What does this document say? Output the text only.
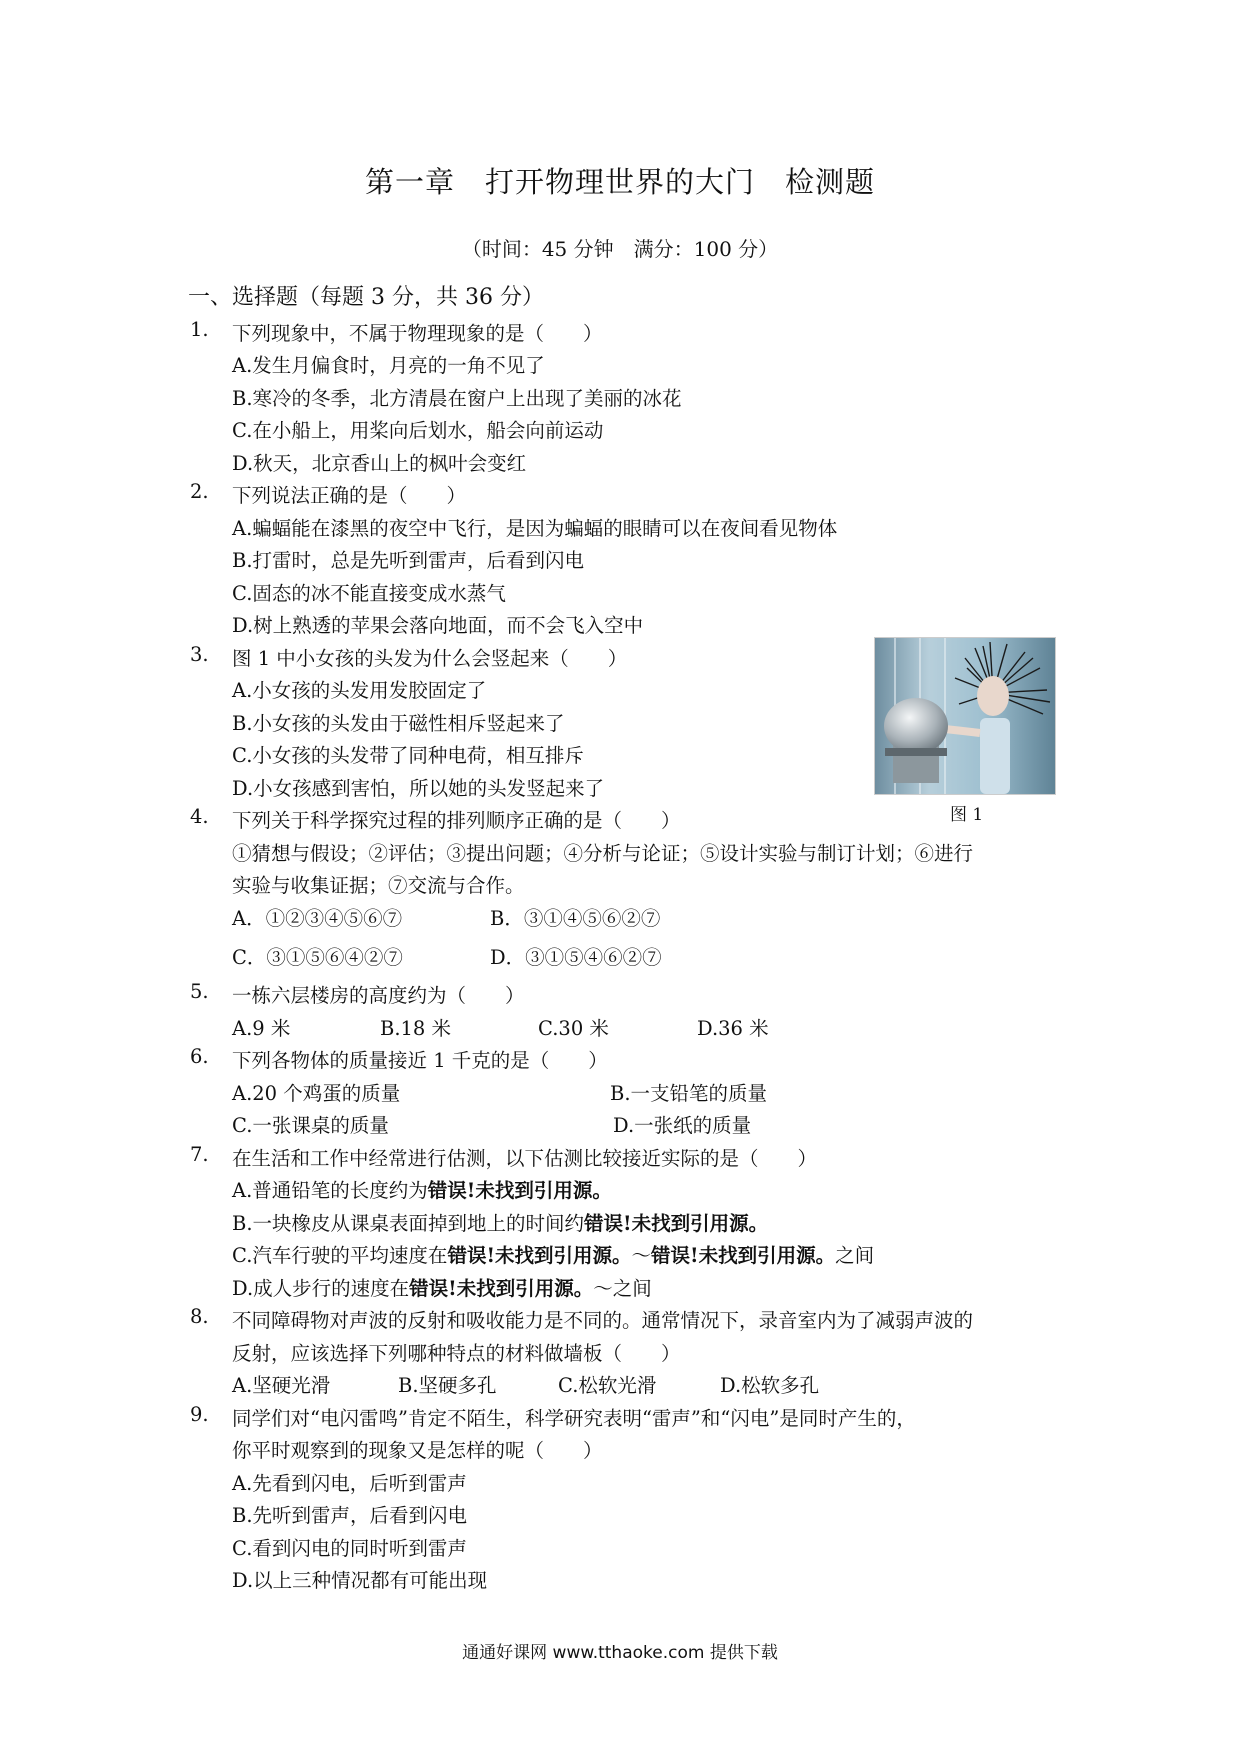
第一章　打开物理世界的大门　检测题
（时间：45 分钟　满分：100 分）
一、选择题（每题 3 分，共 36 分）
1. 下列现象中，不属于物理现象的是（　　）
A.发生月偏食时，月亮的一角不见了
B.寒冷的冬季，北方清晨在窗户上出现了美丽的冰花
C.在小船上，用桨向后划水，船会向前运动
D.秋天，北京香山上的枫叶会变红
2. 下列说法正确的是（　　）
A.蝙蝠能在漆黑的夜空中飞行，是因为蝙蝠的眼睛可以在夜间看见物体
B.打雷时，总是先听到雷声，后看到闪电
C.固态的冰不能直接变成水蒸气
D.树上熟透的苹果会落向地面，而不会飞入空中
3. 图 1 中小女孩的头发为什么会竖起来（　　）
A.小女孩的头发用发胶固定了
B.小女孩的头发由于磁性相斥竖起来了
C.小女孩的头发带了同种电荷，相互排斥
D.小女孩感到害怕，所以她的头发竖起来了
图 1
4. 下列关于科学探究过程的排列顺序正确的是（　　）
①猜想与假设；②评估；③提出问题；④分析与论证；⑤设计实验与制订计划；⑥进行
实验与收集证据；⑦交流与合作。
A．①②③④⑤⑥⑦	B．③①④⑤⑥②⑦
C．③①⑤⑥④②⑦	D．③①⑤④⑥②⑦
5. 一栋六层楼房的高度约为（　　）
A.9 米	B.18 米	C.30 米	D.36 米
6. 下列各物体的质量接近 1 千克的是（　　）
A.20 个鸡蛋的质量	B.一支铅笔的质量
C.一张课桌的质量	D.一张纸的质量
7. 在生活和工作中经常进行估测，以下估测比较接近实际的是（　　）
A.普通铅笔的长度约为错误!未找到引用源。
B.一块橡皮从课桌表面掉到地上的时间约错误!未找到引用源。
C.汽车行驶的平均速度在错误!未找到引用源。～错误!未找到引用源。之间
D.成人步行的速度在错误!未找到引用源。～之间
8. 不同障碍物对声波的反射和吸收能力是不同的。通常情况下，录音室内为了减弱声波的
反射，应该选择下列哪种特点的材料做墙板（　　）
A.坚硬光滑	B.坚硬多孔	C.松软光滑	D.松软多孔
9. 同学们对“电闪雷鸣”肯定不陌生，科学研究表明“雷声”和“闪电”是同时产生的，
你平时观察到的现象又是怎样的呢（　　）
A.先看到闪电，后听到雷声
B.先听到雷声，后看到闪电
C.看到闪电的同时听到雷声
D.以上三种情况都有可能出现
通通好课网 www.tthaoke.com 提供下载
